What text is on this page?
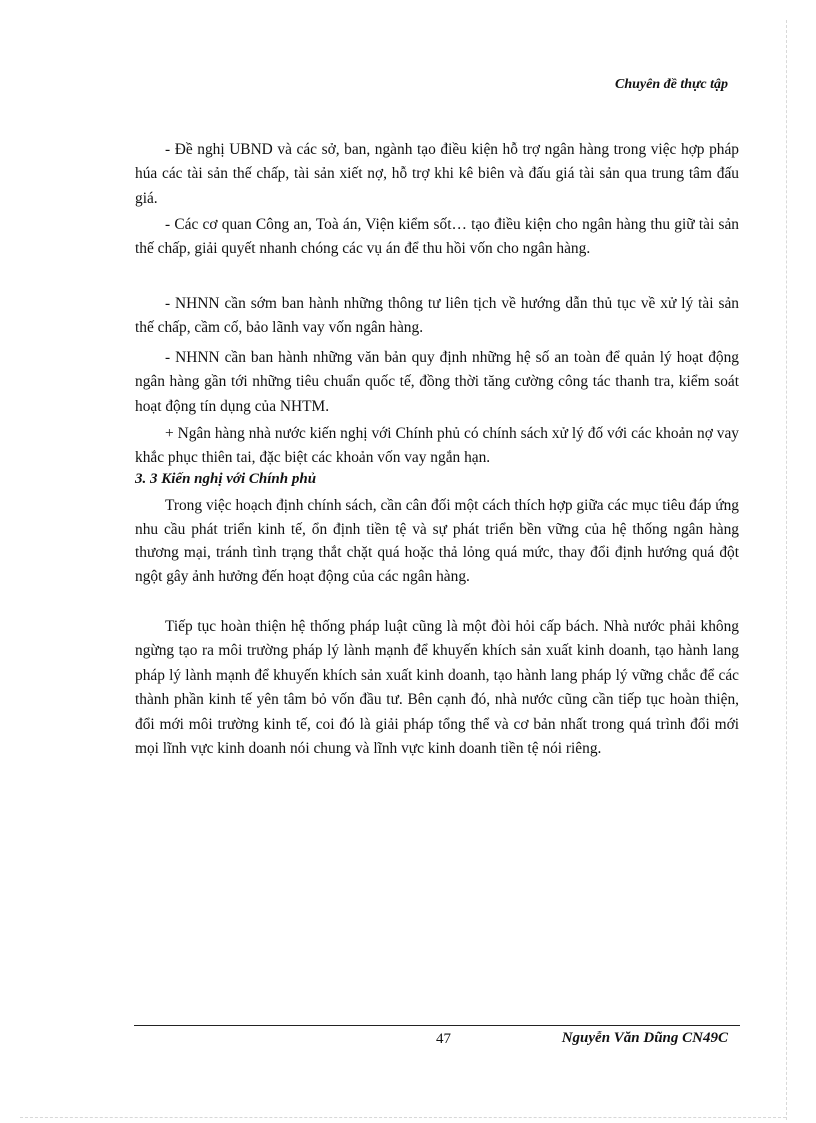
Chuyên đề thực tập
- Đề nghị UBND và các sở, ban, ngành tạo điều kiện hỗ trợ ngân hàng trong việc hợp pháp húa các tài sản thế chấp, tài sản xiết nợ, hỗ trợ khi kê biên và đấu giá tài sản qua trung tâm đấu giá.
- Các cơ quan Công an, Toà án, Viện kiểm sốt… tạo điều kiện cho ngân hàng thu giữ tài sản thế chấp, giải quyết nhanh chóng các vụ án để thu hồi vốn cho ngân hàng.
- NHNN cần sớm ban hành những thông tư liên tịch về hướng dẫn thủ tục về xử lý tài sản thế chấp, cầm cố, bảo lãnh vay vốn ngân hàng.
- NHNN cần ban hành những văn bản quy định những hệ số an toàn để quản lý hoạt động ngân hàng gần tới những tiêu chuẩn quốc tế, đồng thời tăng cường công tác thanh tra, kiểm soát hoạt động tín dụng của NHTM.
+ Ngân hàng nhà nước kiến nghị với Chính phủ có chính sách xử lý đố với các khoản nợ vay khắc phục thiên tai, đặc biệt các khoản vốn vay ngắn hạn.
3. 3 Kiến nghị với Chính phủ
Trong việc hoạch định chính sách, cần cân đối một cách thích hợp giữa các mục tiêu đáp ứng nhu cầu phát triển kinh tế, ổn định tiền tệ và sự phát triển bền vững của hệ thống ngân hàng thương mại, tránh tình trạng thắt chặt quá hoặc thả lỏng quá mức, thay đổi định hướng quá đột ngột gây ảnh hưởng đến hoạt động của các ngân hàng.
Tiếp tục hoàn thiện hệ thống pháp luật cũng là một đòi hỏi cấp bách. Nhà nước phải không ngừng tạo ra môi trường pháp lý lành mạnh để khuyến khích sản xuất kinh doanh, tạo hành lang pháp lý lành mạnh để khuyến khích sản xuất kinh doanh, tạo hành lang pháp lý vững chắc để các thành phần kinh tế yên tâm bỏ vốn đầu tư. Bên cạnh đó, nhà nước cũng cần tiếp tục hoàn thiện, đổi mới môi trường kinh tế, coi đó là giải pháp tổng thể và cơ bản nhất trong quá trình đổi mới mọi lĩnh vực kinh doanh nói chung và lĩnh vực kinh doanh tiền tệ nói riêng.
47	Nguyễn Văn Dũng CN49C
